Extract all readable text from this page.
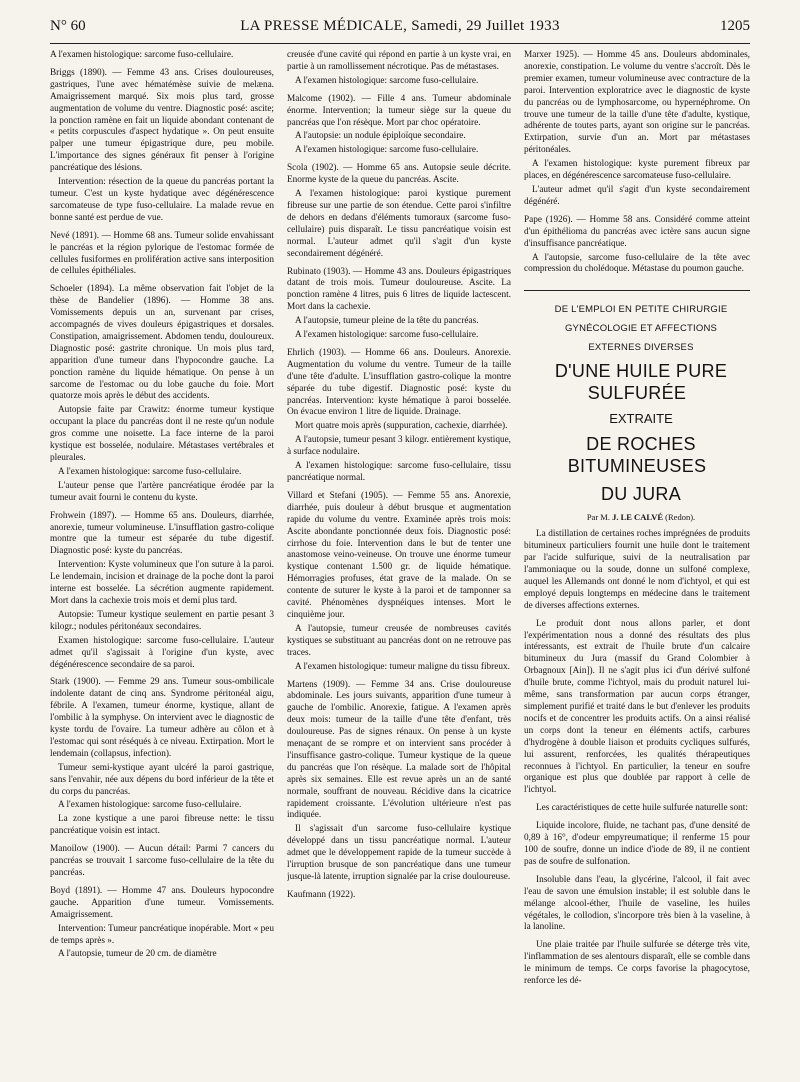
N° 60	LA PRESSE MÉDICALE, Samedi, 29 Juillet 1933	1205

A l'examen histologique: sarcome fuso-cellulaire.

Briggs (1890). — Femme 43 ans. Crises douloureuses, gastriques, l'une avec hématémèse suivie de melæna. Amaigrissement marqué. Six mois plus tard, grosse augmentation de volume du ventre. Diagnostic posé: ascite; la ponction ramène en fait un liquide abondant contenant de « petits corpuscules d'aspect hydatique ». On peut ensuite palper une tumeur épigastrique dure, peu mobile. L'importance des signes généraux fit penser à l'origine pancréatique des lésions.

Intervention: résection de la queue du pancréas portant la tumeur. C'est un kyste hydatique avec dégénérescence sarcomateuse de type fuso-cellulaire. La malade revue en bonne santé est perdue de vue.

Nevé (1891). — Homme 68 ans. Tumeur solide envahissant le pancréas et la région pylorique de l'estomac formée de cellules fusiformes en prolifération active sans interposition de cellules épithéliales.

Schoeler (1894). La même observation fait l'objet de la thèse de Bandelier (1896). — Homme 38 ans. Vomissements depuis un an, survenant par crises, accompagnés de vives douleurs épigastriques et dorsales. Constipation, amaigrissement. Abdomen tendu, douloureux. Diagnostic posé: gastrite chronique. Un mois plus tard, apparition d'une tumeur dans l'hypocondre gauche. La ponction ramène du liquide hématique. On pense à un sarcome de l'estomac ou du lobe gauche du foie. Mort quatorze mois après le début des accidents.

Autopsie faite par Crawitz: énorme tumeur kystique occupant la place du pancréas dont il ne reste qu'un nodule gros comme une noisette. La face interne de la paroi kystique est bosselée, nodulaire. Métastases vertébrales et pleurales.

A l'examen histologique: sarcome fuso-cellulaire.

L'auteur pense que l'artère pancréatique érodée par la tumeur avait fourni le contenu du kyste.

Frohwein (1897). — Homme 65 ans. Douleurs, diarrhée, anorexie, tumeur volumineuse. L'insufflation gastro-colique montre que la tumeur est séparée du tube digestif. Diagnostic posé: kyste du pancréas.

Intervention: Kyste volumineux que l'on suture à la paroi. Le lendemain, incision et drainage de la poche dont la paroi interne est bosselée. La sécrétion augmente rapidement. Mort dans la cachexie trois mois et demi plus tard.

Autopsie: Tumeur kystique seulement en partie pesant 3 kilogr.; nodules péritonéaux secondaires.

Examen histologique: sarcome fuso-cellulaire. L'auteur admet qu'il s'agissait à l'origine d'un kyste, avec dégénérescence secondaire de sa paroi.

Stark (1900). — Femme 29 ans. Tumeur sous-ombilicale indolente datant de cinq ans. Syndrome péritonéal aigu, fébrile. A l'examen, tumeur énorme, kystique, allant de l'ombilic à la symphyse. On intervient avec le diagnostic de kyste tordu de l'ovaire. La tumeur adhère au côlon et à l'estomac qui sont réséqués à ce niveau. Extirpation. Mort le lendemain (collapsus, infection).

Tumeur semi-kystique ayant ulcéré la paroi gastrique, sans l'envahir, née aux dépens du bord inférieur de la tête et du corps du pancréas.

A l'examen histologique: sarcome fuso-cellulaire.

La zone kystique a une paroi fibreuse nette: le tissu pancréatique voisin est intact.

Manoilow (1900). — Aucun détail: Parmi 7 cancers du pancréas se trouvait 1 sarcome fuso-cellulaire de la tête du pancréas.

Boyd (1891). — Homme 47 ans. Douleurs hypocondre gauche. Apparition d'une tumeur. Vomissements. Amaigrissement.

Intervention: Tumeur pancréatique inopérable. Mort « peu de temps après ».

A l'autopsie, tumeur de 20 cm. de diamètre

creusée d'une cavité qui répond en partie à un kyste vrai, en partie à un ramollissement nécrotique. Pas de métastases.

A l'examen histologique: sarcome fuso-cellulaire.

Malcome (1902). — Fille 4 ans. Tumeur abdominale énorme. Intervention; la tumeur siège sur la queue du pancréas que l'on résèque. Mort par choc opératoire.

A l'autopsie: un nodule épiploïque secondaire.

A l'examen histologique: sarcome fuso-cellulaire.

Scola (1902). — Homme 65 ans. Autopsie seule décrite. Enorme kyste de la queue du pancréas. Ascite.

A l'examen histologique: paroi kystique purement fibreuse sur une partie de son étendue. Cette paroi s'infiltre de dehors en dedans d'éléments tumoraux (sarcome fuso-cellulaire) puis disparaît. Le tissu pancréatique voisin est normal. L'auteur admet qu'il s'agit d'un kyste secondairement dégénéré.

Rubinato (1903). — Homme 43 ans. Douleurs épigastriques datant de trois mois. Tumeur douloureuse. Ascite. La ponction ramène 4 litres, puis 6 litres de liquide lactescent. Mort dans la cachexie.

A l'autopsie, tumeur pleine de la tête du pancréas.

A l'examen histologique: sarcome fuso-cellulaire.

Ehrlich (1903). — Homme 66 ans. Douleurs. Anorexie. Augmentation du volume du ventre. Tumeur de la taille d'une tête d'adulte. L'insufflation gastro-colique la montre séparée du tube digestif. Diagnostic posé: kyste du pancréas. Intervention: kyste hématique à paroi bosselée. On évacue environ 1 litre de liquide. Drainage.

Mort quatre mois après (suppuration, cachexie, diarrhée).

A l'autopsie, tumeur pesant 3 kilogr. entièrement kystique, à surface nodulaire.

A l'examen histologique: sarcome fuso-cellulaire, tissu pancréatique normal.

Villard et Stefani (1905). — Femme 55 ans. Anorexie, diarrhée, puis douleur à début brusque et augmentation rapide du volume du ventre. Examinée après trois mois: Ascite abondante ponctionnée deux fois. Diagnostic posé: cirrhose du foie. Intervention dans le but de tenter une anastomose veino-veineuse. On trouve une énorme tumeur kystique contenant 1.500 gr. de liquide hématique. Hémorragies profuses, état grave de la malade. On se contente de suturer le kyste à la paroi et de tamponner sa cavité. Phénomènes dyspnéiques intenses. Mort le cinquième jour.

A l'autopsie, tumeur creusée de nombreuses cavités kystiques se substituant au pancréas dont on ne retrouve pas traces.

A l'examen histologique: tumeur maligne du tissu fibreux.

Martens (1909). — Femme 34 ans. Crise douloureuse abdominale. Les jours suivants, apparition d'une tumeur à gauche de l'ombilic. Anorexie, fatigue. A l'examen après deux mois: tumeur de la taille d'une tête d'enfant, très douloureuse. Pas de signes rénaux. On pense à un kyste menaçant de se rompre et on intervient sans procéder à l'insuffisance gastro-colique. Tumeur kystique de la queue du pancréas que l'on résèque. La malade sort de l'hôpital après six semaines. Elle est revue après un an de santé normale, souffrant de nouveau. Récidive dans la cicatrice rapidement croissante. L'évolution ultérieure n'est pas indiquée.

Il s'agissait d'un sarcome fuso-cellulaire kystique développé dans un tissu pancréatique normal. L'auteur admet que le développement rapide de la tumeur succède à l'irruption brusque de son pancréatique dans une tumeur jusque-là latente, irruption signalée par la crise douloureuse.

Kaufmann (1922).

Marxer 1925). — Homme 45 ans. Douleurs abdominales, anorexie, constipation. Le volume du ventre s'accroît. Dès le premier examen, tumeur volumineuse avec contracture de la paroi. Intervention exploratrice avec le diagnostic de kyste du pancréas ou de lymphosarcome, ou hypernéphrome. On trouve une tumeur de la taille d'une tête d'adulte, kystique, adhérente de toutes parts, ayant son origine sur le pancréas. Extirpation, survie d'un an. Mort par métastases péritonéales.

A l'examen histologique: kyste purement fibreux par places, en dégénérescence sarcomateuse fuso-cellulaire.

L'auteur admet qu'il s'agit d'un kyste secondairement dégénéré.

Pape (1926). — Homme 58 ans. Considéré comme atteint d'un épithélioma du pancréas avec ictère sans aucun signe d'insuffisance pancréatique.

A l'autopsie, sarcome fuso-cellulaire de la tête avec compression du cholédoque. Métastase du poumon gauche.

DE L'EMPLOI EN PETITE CHIRURGIE

GYNÉCOLOGIE ET AFFECTIONS

EXTERNES DIVERSES

D'UNE HUILE PURE SULFURÉE

EXTRAITE

DE ROCHES BITUMINEUSES

DU JURA

Par M. J. LE CALVÉ (Redon).

La distillation de certaines roches imprégnées de produits bitumineux particuliers fournit une huile dont le traitement par l'acide sulfurique, suivi de la neutralisation par l'ammoniaque ou la soude, donne un sulfoné complexe, auquel les Allemands ont donné le nom d'ichtyol, et qui est employé depuis longtemps en médecine dans le traitement de diverses affections externes.

Le produit dont nous allons parler, et dont l'expérimentation nous a donné des résultats des plus intéressants, est extrait de l'huile brute d'un calcaire bitumineux du Jura (massif du Grand Colombier à Orbagnoux [Ain]). Il ne s'agit plus ici d'un dérivé sulfoné d'huile brute, comme l'ichtyol, mais du produit naturel lui-même, sans transformation par aucun corps étranger, simplement purifié et traité dans le but d'enlever les produits nocifs et de concentrer les produits actifs. On a ainsi réalisé un corps dont la teneur en éléments actifs, carbures d'hydrogène à double liaison et produits cycliques sulfurés, lui assurent, renforcées, les qualités thérapeutiques reconnues à l'ichtyol. En particulier, la teneur en soufre organique est plus que doublée par rapport à celle de l'ichtyol.

Les caractéristiques de cette huile sulfurée naturelle sont:

Liquide incolore, fluide, ne tachant pas, d'une densité de 0,89 à 16°, d'odeur empyreumatique; il renferme 15 pour 100 de soufre, donne un indice d'iode de 89, il ne contient pas de soufre de sulfonation.

Insoluble dans l'eau, la glycérine, l'alcool, il fait avec l'eau de savon une émulsion instable; il est soluble dans le mélange alcool-éther, l'huile de vaseline, les huiles végétales, le collodion, s'incorpore très bien à la vaseline, à la lanoline.

Une plaie traitée par l'huile sulfurée se déterge très vite, l'inflammation de ses alentours disparaît, elle se comble dans le minimum de temps. Ce corps favorise la phagocytose, renforce les dé-
